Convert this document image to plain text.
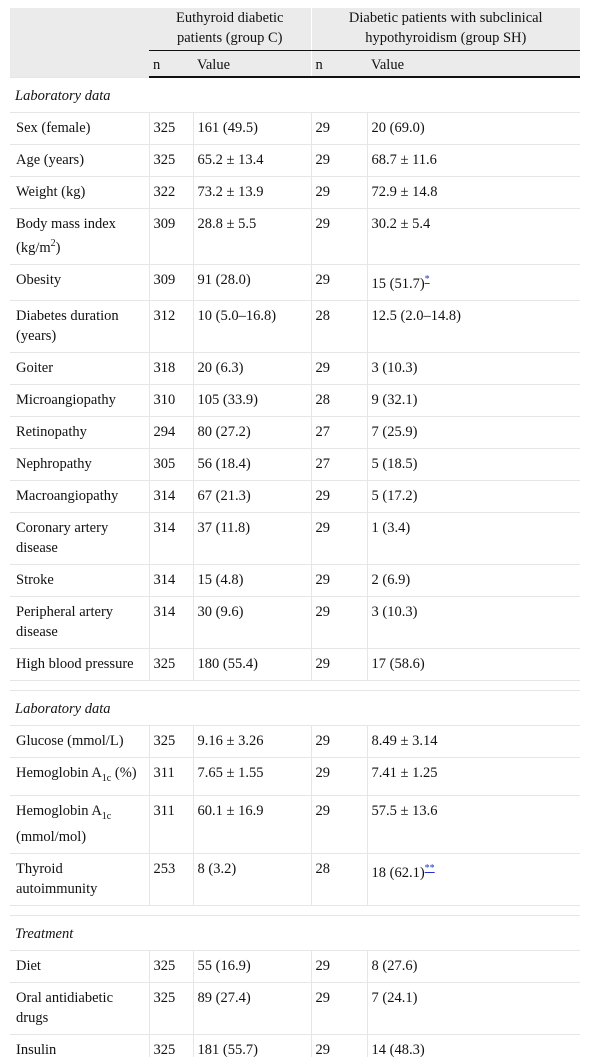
	Euthyroid diabetic patients (group C)		Diabetic patients with subclinical hypothyroidism (group SH)	
	n	Value	n	Value
Laboratory data				
Sex (female)	325	161 (49.5)	29	20 (69.0)
Age (years)	325	65.2 ± 13.4	29	68.7 ± 11.6
Weight (kg)	322	73.2 ± 13.9	29	72.9 ± 14.8
Body mass index $(kg/m^2)$	309	28.8 ± 5.5	29	30.2 ± 5.4
Obesity	309	91 (28.0)	29	15 (51.7)*
Diabetes duration (years)	312	10 (5.0–16.8)	28	12.5 (2.0–14.8)
Goiter	318	20 (6.3)	29	3 (10.3)
Microangiopathy	310	105 (33.9)	28	9 (32.1)
Retinopathy	294	80 (27.2)	27	7 (25.9)
Nephropathy	305	56 (18.4)	27	5 (18.5)
Macroangiopathy	314	67 (21.3)	29	5 (17.2)
Coronary artery disease	314	37 (11.8)	29	1 (3.4)
Stroke	314	15 (4.8)	29	2 (6.9)
Peripheral artery disease	314	30 (9.6)	29	3 (10.3)
High blood pressure	325	180 (55.4)	29	17 (58.6)

Laboratory data				
Glucose (mmol/L)	325	9.16 ± 3.26	29	8.49 ± 3.14
Hemoglobin $A_{1c}$ (%)	311	7.65 ± 1.55	29	7.41 ± 1.25
Hemoglobin $A_{1c}$ (mmol/mol)	311	60.1 ± 16.9	29	57.5 ± 13.6
Thyroid autoimmunity	253	8 (3.2)	28	18 (62.1)**

Treatment				
Diet	325	55 (16.9)	29	8 (27.6)
Oral antidiabetic drugs	325	89 (27.4)	29	7 (24.1)
Insulin	325	181 (55.7)	29	14 (48.3)
